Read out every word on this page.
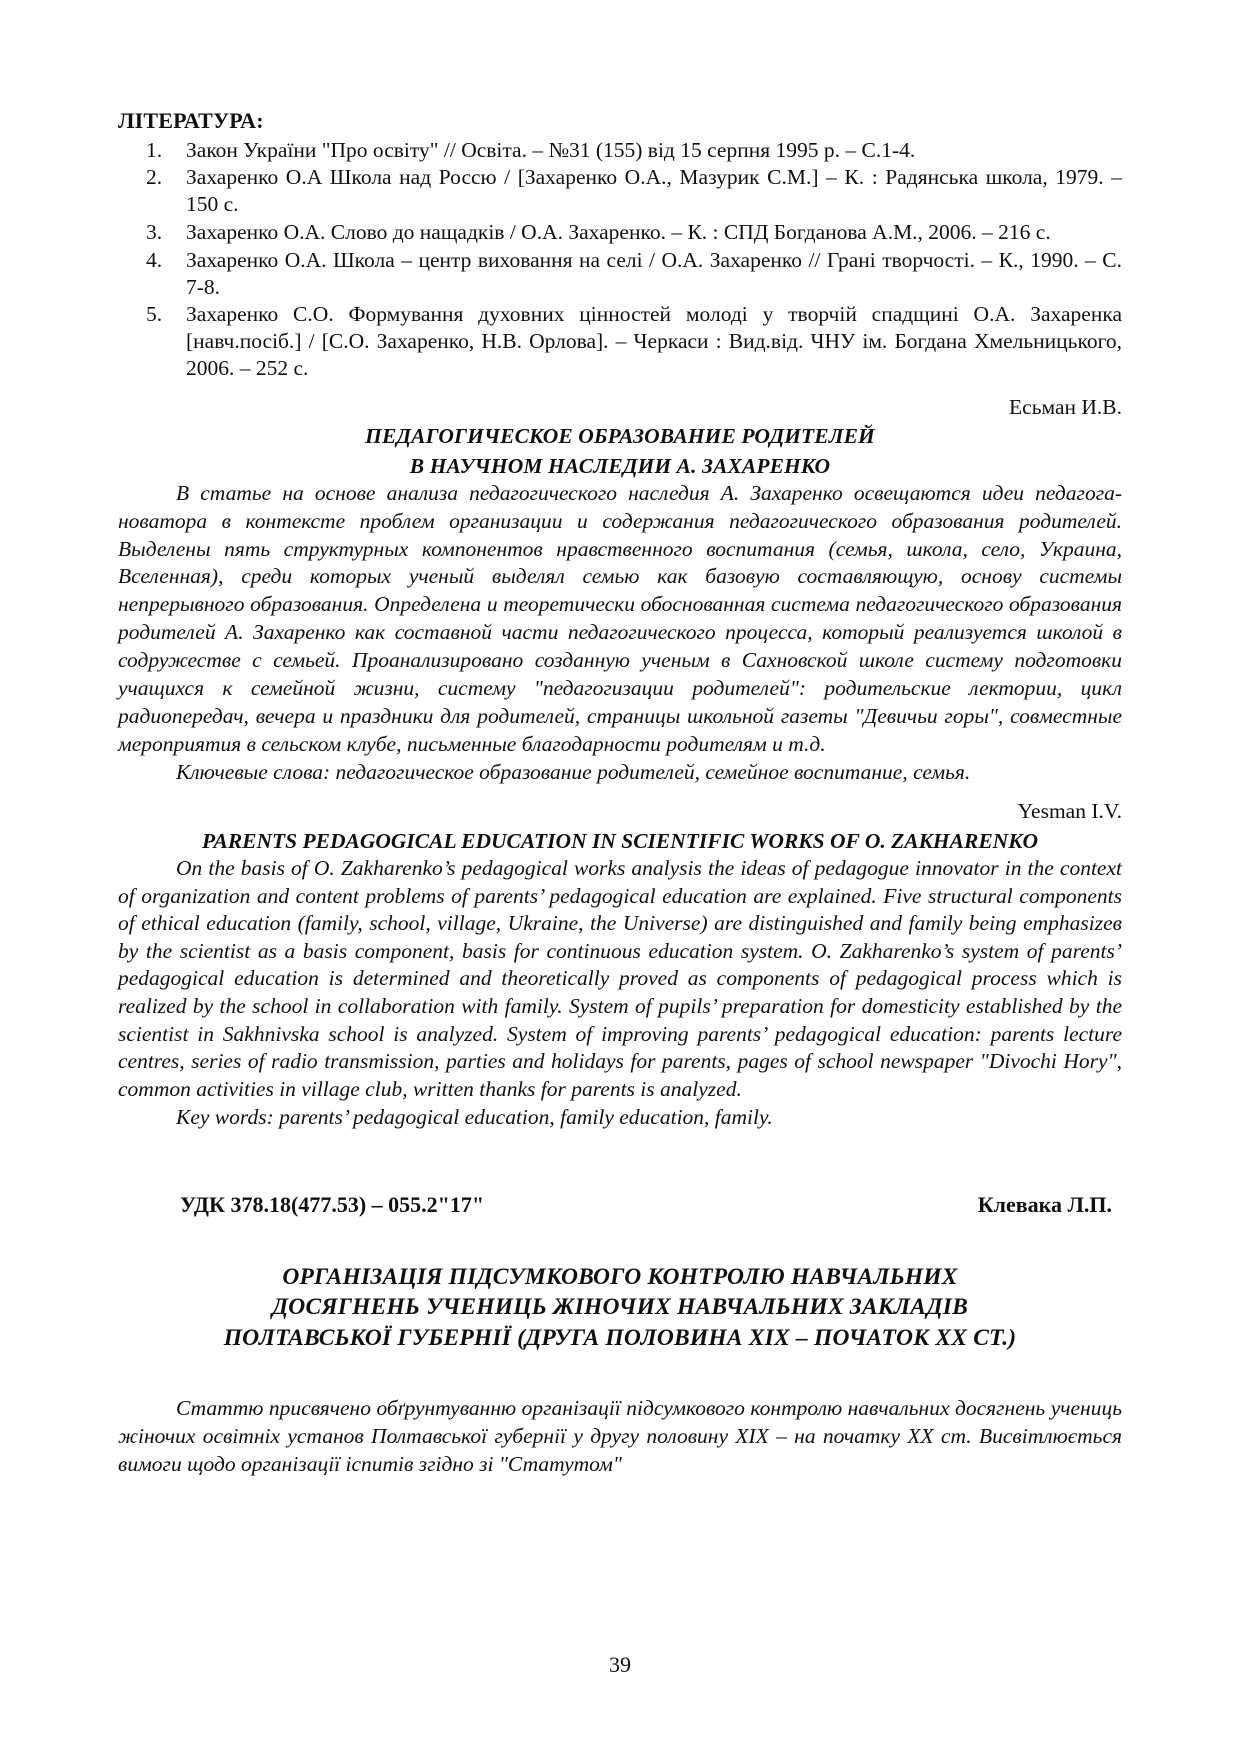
ЛІТЕРАТУРА:
1.	Закон України "Про освіту" // Освіта. – №31 (155) від 15 серпня 1995 р. – С.1-4.
2.	Захаренко О.А Школа над Россю / [Захаренко О.А., Мазурик С.М.] – К. : Радянська школа, 1979. – 150 с.
3.	Захаренко О.А. Слово до нащадків / О.А. Захаренко. – К. : СПД Богданова А.М., 2006. – 216 с.
4.	Захаренко О.А. Школа – центр виховання на селі / О.А. Захаренко // Грані творчості. – К., 1990. – С. 7-8.
5.	Захаренко С.О. Формування духовних цінностей молоді у творчій спадщині О.А. Захаренка [навч.посіб.] / [С.О. Захаренко, Н.В. Орлова]. – Черкаси : Вид.від. ЧНУ ім. Богдана Хмельницького, 2006. – 252 с.
Есьман И.В.
ПЕДАГОГИЧЕСКОЕ ОБРАЗОВАНИЕ РОДИТЕЛЕЙ
В НАУЧНОМ НАСЛЕДИИ А. ЗАХАРЕНКО

В статье на основе анализа педагогического наследия А. Захаренко освещаются идеи педагога-новатора в контексте проблем организации и содержания педагогического образования родителей. Выделены пять структурных компонентов нравственного воспитания (семья, школа, село, Украина, Вселенная), среди которых ученый выделял семью как базовую составляющую, основу системы непрерывного образования. Определена и теоретически обоснованная система педагогического образования родителей А. Захаренко как составной части педагогического процесса, который реализуется школой в содружестве с семьей. Проанализировано созданную ученым в Сахновской школе систему подготовки учащихся к семейной жизни, систему "педагогизации родителей": родительские лектории, цикл радиопередач, вечера и праздники для родителей, страницы школьной газеты "Девичьи горы", совместные мероприятия в сельском клубе, письменные благодарности родителям и т.д.

Ключевые слова: педагогическое образование родителей, семейное воспитание, семья.

Yesman I.V.
PARENTS PEDAGOGICAL EDUCATION IN SCIENTIFIC WORKS OF O. ZAKHARENKO

On the basis of O. Zakharenko’s pedagogical works analysis the ideas of pedagogue innovator in the context of organization and content problems of parents’ pedagogical education are explained. Five structural components of ethical education (family, school, village, Ukraine, the Universe) are distinguished and family being emphasizeв by the scientist as a basis component, basis for continuous education system. O. Zakharenko’s system of parents’ pedagogical education is determined and theoretically proved as components of pedagogical process which is realized by the school in collaboration with family. System of pupils’ preparation for domesticity established by the scientist in Sakhnivska school is analyzed. System of improving parents’ pedagogical education: parents lecture centres, series of radio transmission, parties and holidays for parents, pages of school newspaper "Divochi Hory", common activities in village club, written thanks for parents is analyzed.

Key words: parents’ pedagogical education, family education, family.

УДК 378.18(477.53) – 055.2"17"	Клевака Л.П.
ОРГАНІЗАЦІЯ ПІДСУМКОВОГО КОНТРОЛЮ НАВЧАЛЬНИХ
ДОСЯГНЕНЬ УЧЕНИЦЬ ЖІНОЧИХ НАВЧАЛЬНИХ ЗАКЛАДІВ
ПОЛТАВСЬКОЇ ГУБЕРНІЇ (ДРУГА ПОЛОВИНА XIX – ПОЧАТОК XX СТ.)

Статтю присвячено обґрунтуванню організації підсумкового контролю навчальних досягнень учениць жіночих освітніх установ Полтавської губернії у другу половину XIX – на початку XX ст. Висвітлюється вимоги щодо організації іспитів згідно зі "Статутом"

39
